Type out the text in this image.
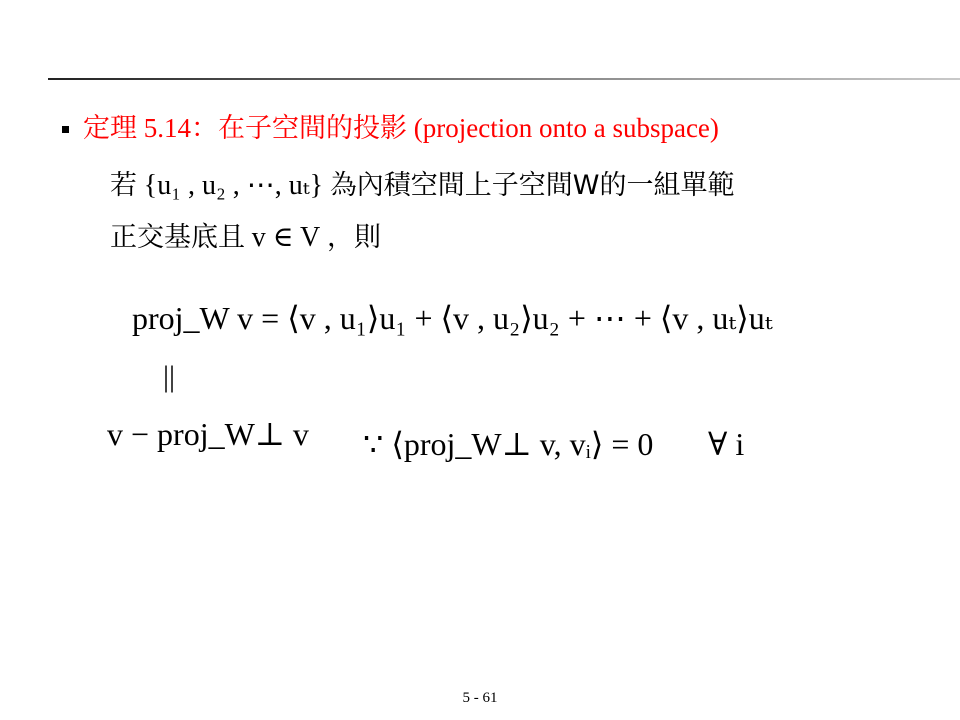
定理 5.14：在子空間的投影 (projection onto a subspace)
若 {u₁ , u₂ , ⋯, uₜ} 為內積空間上子空間W的一組單範
正交基底且 v ∈ V ，則
proj_W v = ⟨v , u₁⟩u₁ + ⟨v , u₂⟩u₂ + ⋯ + ⟨v , uₜ⟩uₜ
||
v − proj_W⊥ v ∵ ⟨proj_W⊥ v, vᵢ⟩ = 0 ∀ i
5 - 61
